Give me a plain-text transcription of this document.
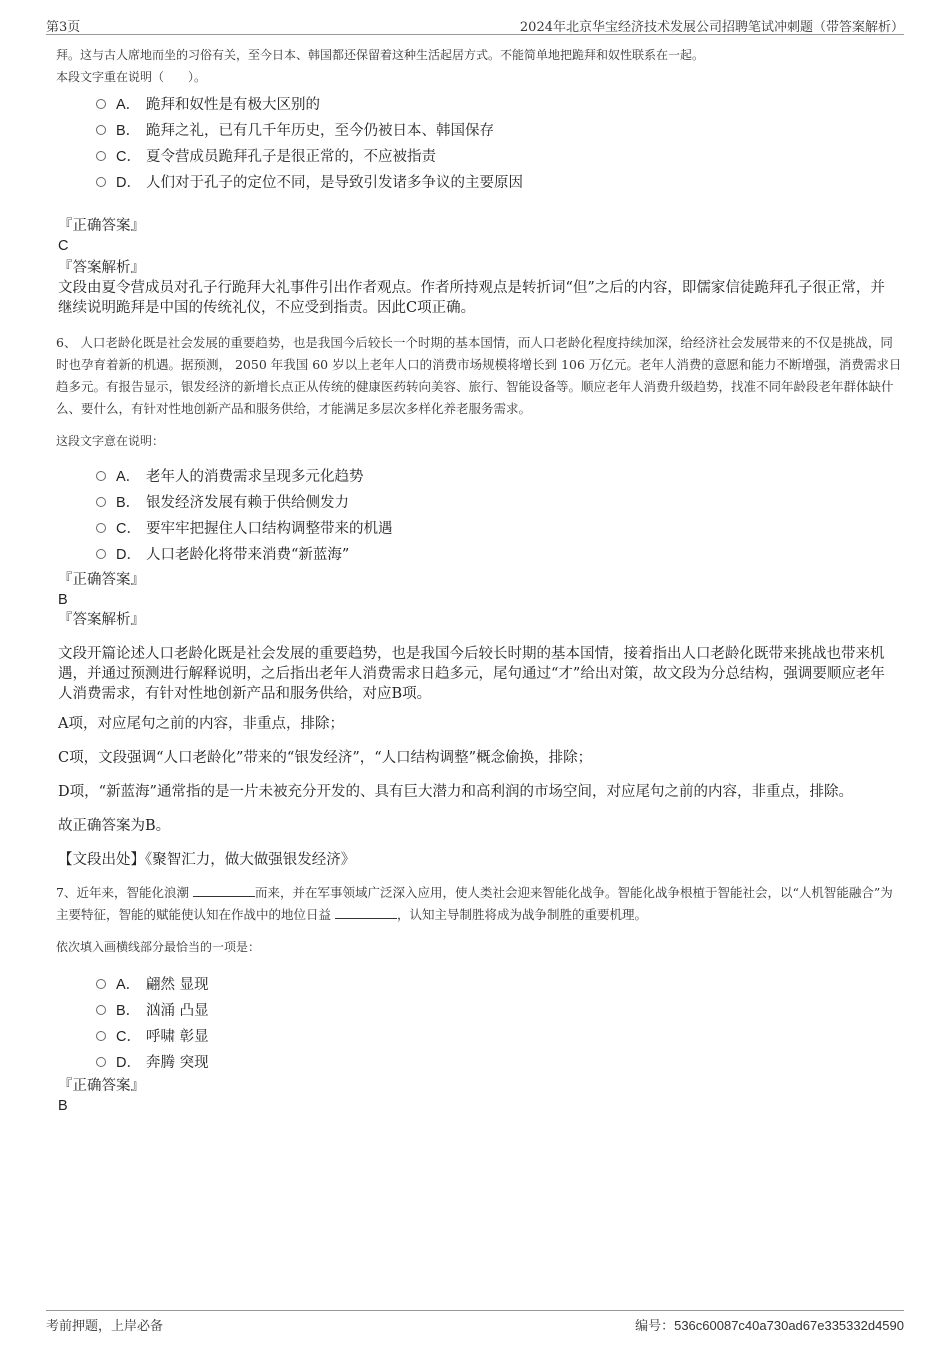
第3页	2024年北京华宝经济技术发展公司招聘笔试冲刺题（带答案解析）
拜。这与古人席地而坐的习俗有关，至今日本、韩国都还保留着这种生活起居方式。不能简单地把跪拜和奴性联系在一起。
本段文字重在说明（　　）。
A． 跪拜和奴性是有极大区别的
B． 跪拜之礼，已有几千年历史，至今仍被日本、韩国保存
C． 夏令营成员跪拜孔子是很正常的，不应被指责
D． 人们对于孔子的定位不同，是导致引发诸多争议的主要原因
『正确答案』
C
『答案解析』
文段由夏令营成员对孔子行跪拜大礼事件引出作者观点。作者所持观点是转折词“但”之后的内容，即儒家信徒跪拜孔子很正常，并继续说明跪拜是中国的传统礼仪，不应受到指责。因此C项正确。
6、 人口老龄化既是社会发展的重要趋势，也是我国今后较长一个时期的基本国情，而人口老龄化程度持续加深，给经济社会发展带来的不仅是挑战，同时也孕育着新的机遇。据预测， 2050 年我国 60 岁以上老年人口的消费市场规模将增长到 106 万亿元。老年人消费的意愿和能力不断增强，消费需求日趋多元。有报告显示，银发经济的新增长点正从传统的健康医药转向美容、旅行、智能设备等。顺应老年人消费升级趋势，找准不同年龄段老年群体缺什么、要什么，有针对性地创新产品和服务供给，才能满足多层次多样化养老服务需求。
这段文字意在说明：
A． 老年人的消费需求呈现多元化趋势
B． 银发经济发展有赖于供给侧发力
C． 要牢牢把握住人口结构调整带来的机遇
D． 人口老龄化将带来消费“新蓝海”
『正确答案』
B
『答案解析』
文段开篇论述人口老龄化既是社会发展的重要趋势，也是我国今后较长时期的基本国情，接着指出人口老龄化既带来挑战也带来机遇，并通过预测进行解释说明，之后指出老年人消费需求日趋多元，尾句通过“才”给出对策，故文段为分总结构，强调要顺应老年人消费需求，有针对性地创新产品和服务供给，对应B项。
A项，对应尾句之前的内容，非重点，排除；
C项，文段强调“人口老龄化”带来的“银发经济”，“人口结构调整”概念偷换，排除；
D项，“新蓝海”通常指的是一片未被充分开发的、具有巨大潜力和高利润的市场空间，对应尾句之前的内容，非重点，排除。
故正确答案为B。
【文段出处】《聚智汇力，做大做强银发经济》
7、近年来，智能化浪潮	而来，并在军事领域广泛深入应用，使人类社会迎来智能化战争。智能化战争根植于智能社会，以“人机智能融合”为主要特征，智能的赋能使认知在作战中的地位日益	，认知主导制胜将成为战争制胜的重要机理。
依次填入画横线部分最恰当的一项是：
A． 翩然 显现
B． 汹涌 凸显
C． 呼啸 彰显
D． 奔腾 突现
『正确答案』
B
考前押题，上岸必备	编号：536c60087c40a730ad67e335332d4590
